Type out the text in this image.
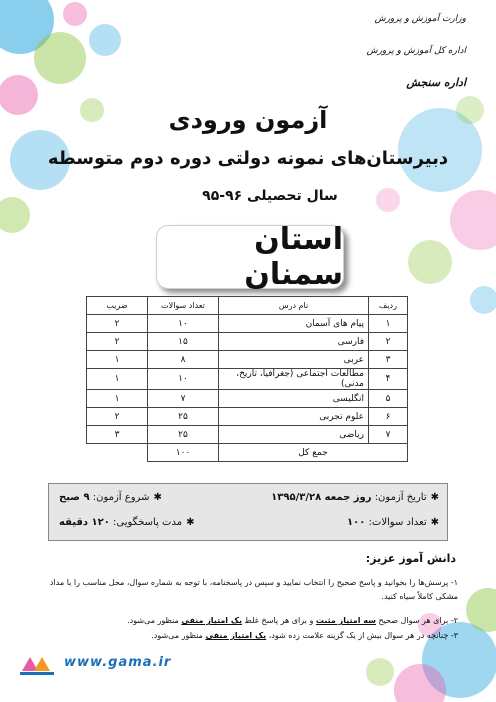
وزارت آموزش و پرورش
اداره کل آموزش و پرورش
اداره سنجش
آزمون ورودی
دبیرستان‌های نمونه دولتی دوره دوم متوسطه
سال تحصیلی ۹۶-۹۵
استان سمنان
ردیف	نام درس	تعداد سوالات	ضریب
۱	پیام های آسمان	۱۰	۲
۲	فارسی	۱۵	۲
۳	عربی	۸	۱
۴	مطالعات اجتماعی (جغرافیا، تاریخ، مدنی)	۱۰	۱
۵	انگلیسی	۷	۱
۶	علوم تجربی	۲۵	۲
۷	ریاضی	۲۵	۳
جمع کل		۱۰۰	
✱تاریخ آزمون: روز جمعه ۱۳۹۵/۳/۲۸
✱شروع آزمون: ۹ صبح
✱تعداد سوالات: ۱۰۰
✱مدت پاسخگویی: ۱۲۰ دقیقه
دانش آموز عزیز:
۱- پرسش‌ها را بخوانید و پاسخ صحیح را انتخاب نمایید و سپس در پاسخنامه، با توجه به شماره سوال، محل مناسب را با مداد مشکی کاملاً سیاه کنید.
۲- برای هر سوال صحیح سه امتیاز مثبت و برای هر پاسخ غلط یک امتیاز منفی منظور می‌شود.
۳- چنانچه در هر سوال بیش از یک گزینه علامت زده شود، یک امتیاز منفی منظور می‌شود.
www.gama.ir
